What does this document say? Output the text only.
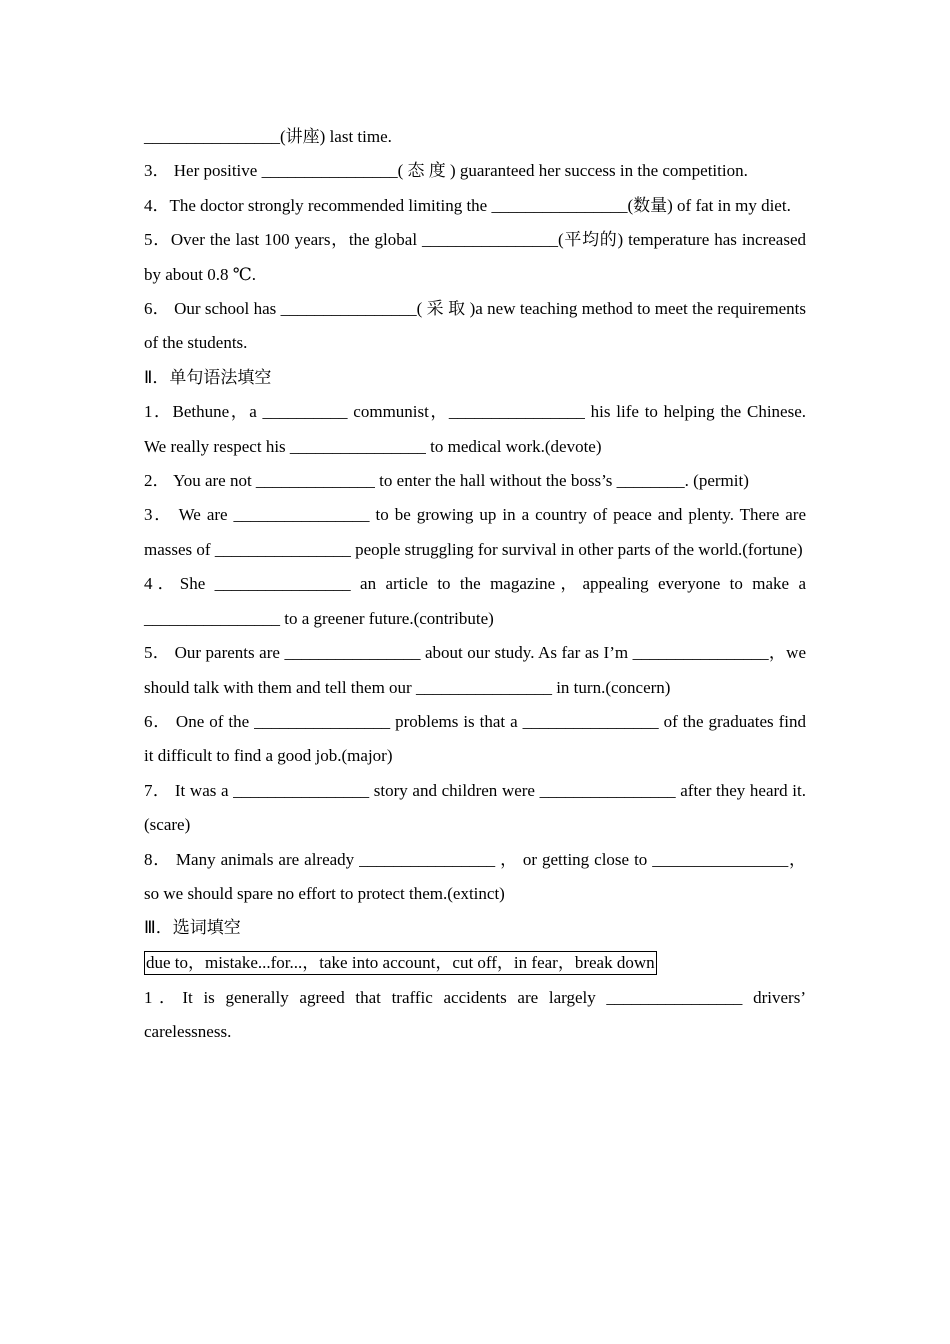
________________(讲座) last time.

3． Her positive ________________( 态 度 ) guaranteed her success in the competition.

4．The doctor strongly recommended limiting the ________________(数量) of fat in my diet.

5．Over the last 100 years，the global ________________(平均的) temperature has increased by about 0.8 ℃.

6． Our school has ________________( 采 取 )a new teaching method to meet the requirements of the students.

Ⅱ．单句语法填空

1．Bethune，a __________ communist，________________ his life to helping the Chinese. We really respect his ________________ to medical work.(devote)

2． You are not ______________ to enter the hall without the boss’s ________. (permit)

3． We are ________________ to be growing up in a country of peace and plenty. There are masses of ________________ people struggling for survival in other parts of the world.(fortune)

4．She ________________ an article to the magazine，appealing everyone to make a ________________ to a greener future.(contribute)

5． Our parents are ________________ about our study. As far as I’m ________________，we should talk with them and tell them our ________________ in turn.(concern)

6． One of the ________________ problems is that a ________________ of the graduates find it difficult to find a good job.(major)

7． It was a ________________ story and children were ________________ after they heard it.(scare)

8． Many animals are already ________________ ， or getting close to ________________，so we should spare no effort to protect them.(extinct)

Ⅲ．选词填空

due to，mistake...for...，take into account，cut off，in fear，break down

1．It is generally agreed that traffic accidents are largely ________________ drivers’ carelessness.
